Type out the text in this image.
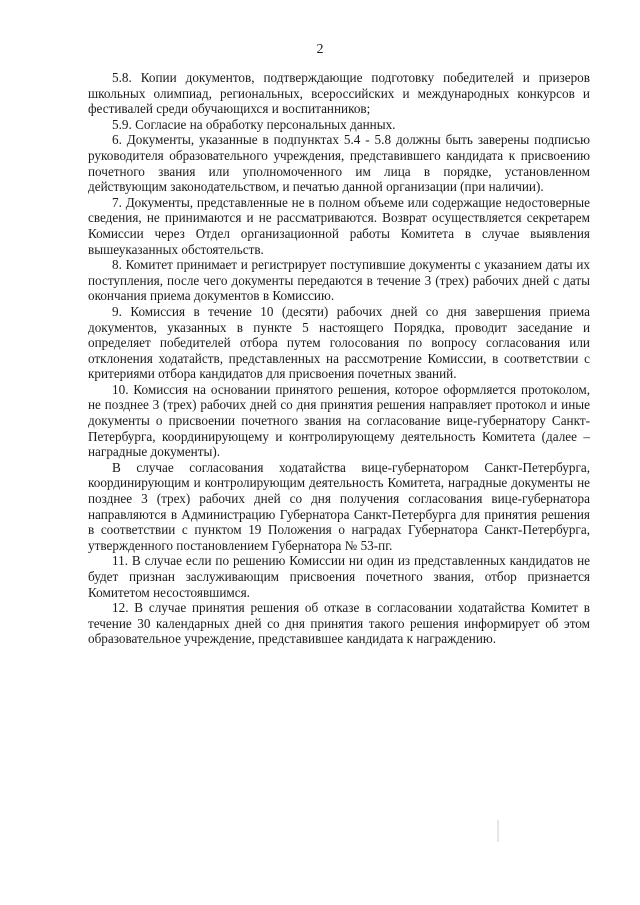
2

5.8. Копии документов, подтверждающие подготовку победителей и призеров школьных олимпиад, региональных, всероссийских и международных конкурсов и фестивалей среди обучающихся и воспитанников;

5.9. Согласие на обработку персональных данных.

6. Документы, указанные в подпунктах 5.4 - 5.8 должны быть заверены подписью руководителя образовательного учреждения, представившего кандидата к присвоению почетного звания или уполномоченного им лица в порядке, установленном действующим законодательством, и печатью данной организации (при наличии).

7. Документы, представленные не в полном объеме или содержащие недостоверные сведения, не принимаются и не рассматриваются. Возврат осуществляется секретарем Комиссии через Отдел организационной работы Комитета в случае выявления вышеуказанных обстоятельств.

8. Комитет принимает и регистрирует поступившие документы с указанием даты их поступления, после чего документы передаются в течение 3 (трех) рабочих дней с даты окончания приема документов в Комиссию.

9. Комиссия в течение 10 (десяти) рабочих дней со дня завершения приема документов, указанных в пункте 5 настоящего Порядка, проводит заседание и определяет победителей отбора путем голосования по вопросу согласования или отклонения ходатайств, представленных на рассмотрение Комиссии, в соответствии с критериями отбора кандидатов для присвоения почетных званий.

10. Комиссия на основании принятого решения, которое оформляется протоколом, не позднее 3 (трех) рабочих дней со дня принятия решения направляет протокол и иные документы о присвоении почетного звания на согласование вице-губернатору Санкт-Петербурга, координирующему и контролирующему деятельность Комитета (далее – наградные документы).

В случае согласования ходатайства вице-губернатором Санкт-Петербурга, координирующим и контролирующим деятельность Комитета, наградные документы не позднее 3 (трех) рабочих дней со дня получения согласования вице-губернатора направляются в Администрацию Губернатора Санкт-Петербурга для принятия решения в соответствии с пунктом 19 Положения о наградах Губернатора Санкт-Петербурга, утвержденного постановлением Губернатора № 53-пг.

11. В случае если по решению Комиссии ни один из представленных кандидатов не будет признан заслуживающим присвоения почетного звания, отбор признается Комитетом несостоявшимся.

12. В случае принятия решения об отказе в согласовании ходатайства Комитет в течение 30 календарных дней со дня принятия такого решения информирует об этом образовательное учреждение, представившее кандидата к награждению.
